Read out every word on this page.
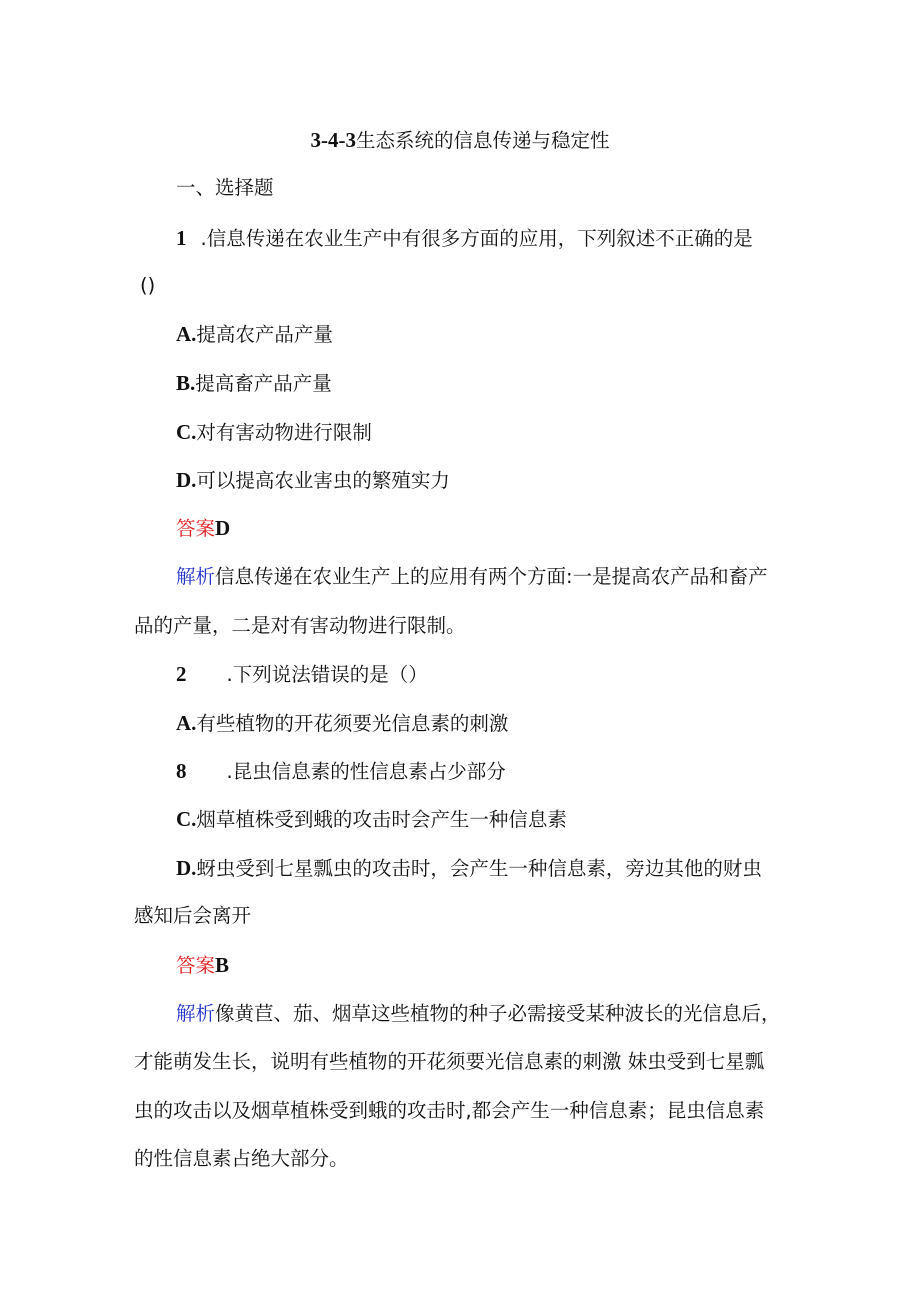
3-4-3生态系统的信息传递与稳定性
一、选择题
1 .信息传递在农业生产中有很多方面的应用，下列叙述不正确的是
()
A.提高农产品产量
B.提高畜产品产量
C.对有害动物进行限制
D.可以提高农业害虫的繁殖实力
答案D
解析信息传递在农业生产上的应用有两个方面:一是提高农产品和畜产
品的产量，二是对有害动物进行限制。
2 .下列说法错误的是（）
A.有些植物的开花须要光信息素的刺激
8 .昆虫信息素的性信息素占少部分
C.烟草植株受到蛾的攻击时会产生一种信息素
D.蚜虫受到七星瓢虫的攻击时，会产生一种信息素，旁边其他的财虫
感知后会离开
答案B
解析像黄苣、茄、烟草这些植物的种子必需接受某种波长的光信息后，
才能萌发生长，说明有些植物的开花须要光信息素的刺激 妹虫受到七星瓢
虫的攻击以及烟草植株受到蛾的攻击时,都会产生一种信息素；昆虫信息素
的性信息素占绝大部分。
